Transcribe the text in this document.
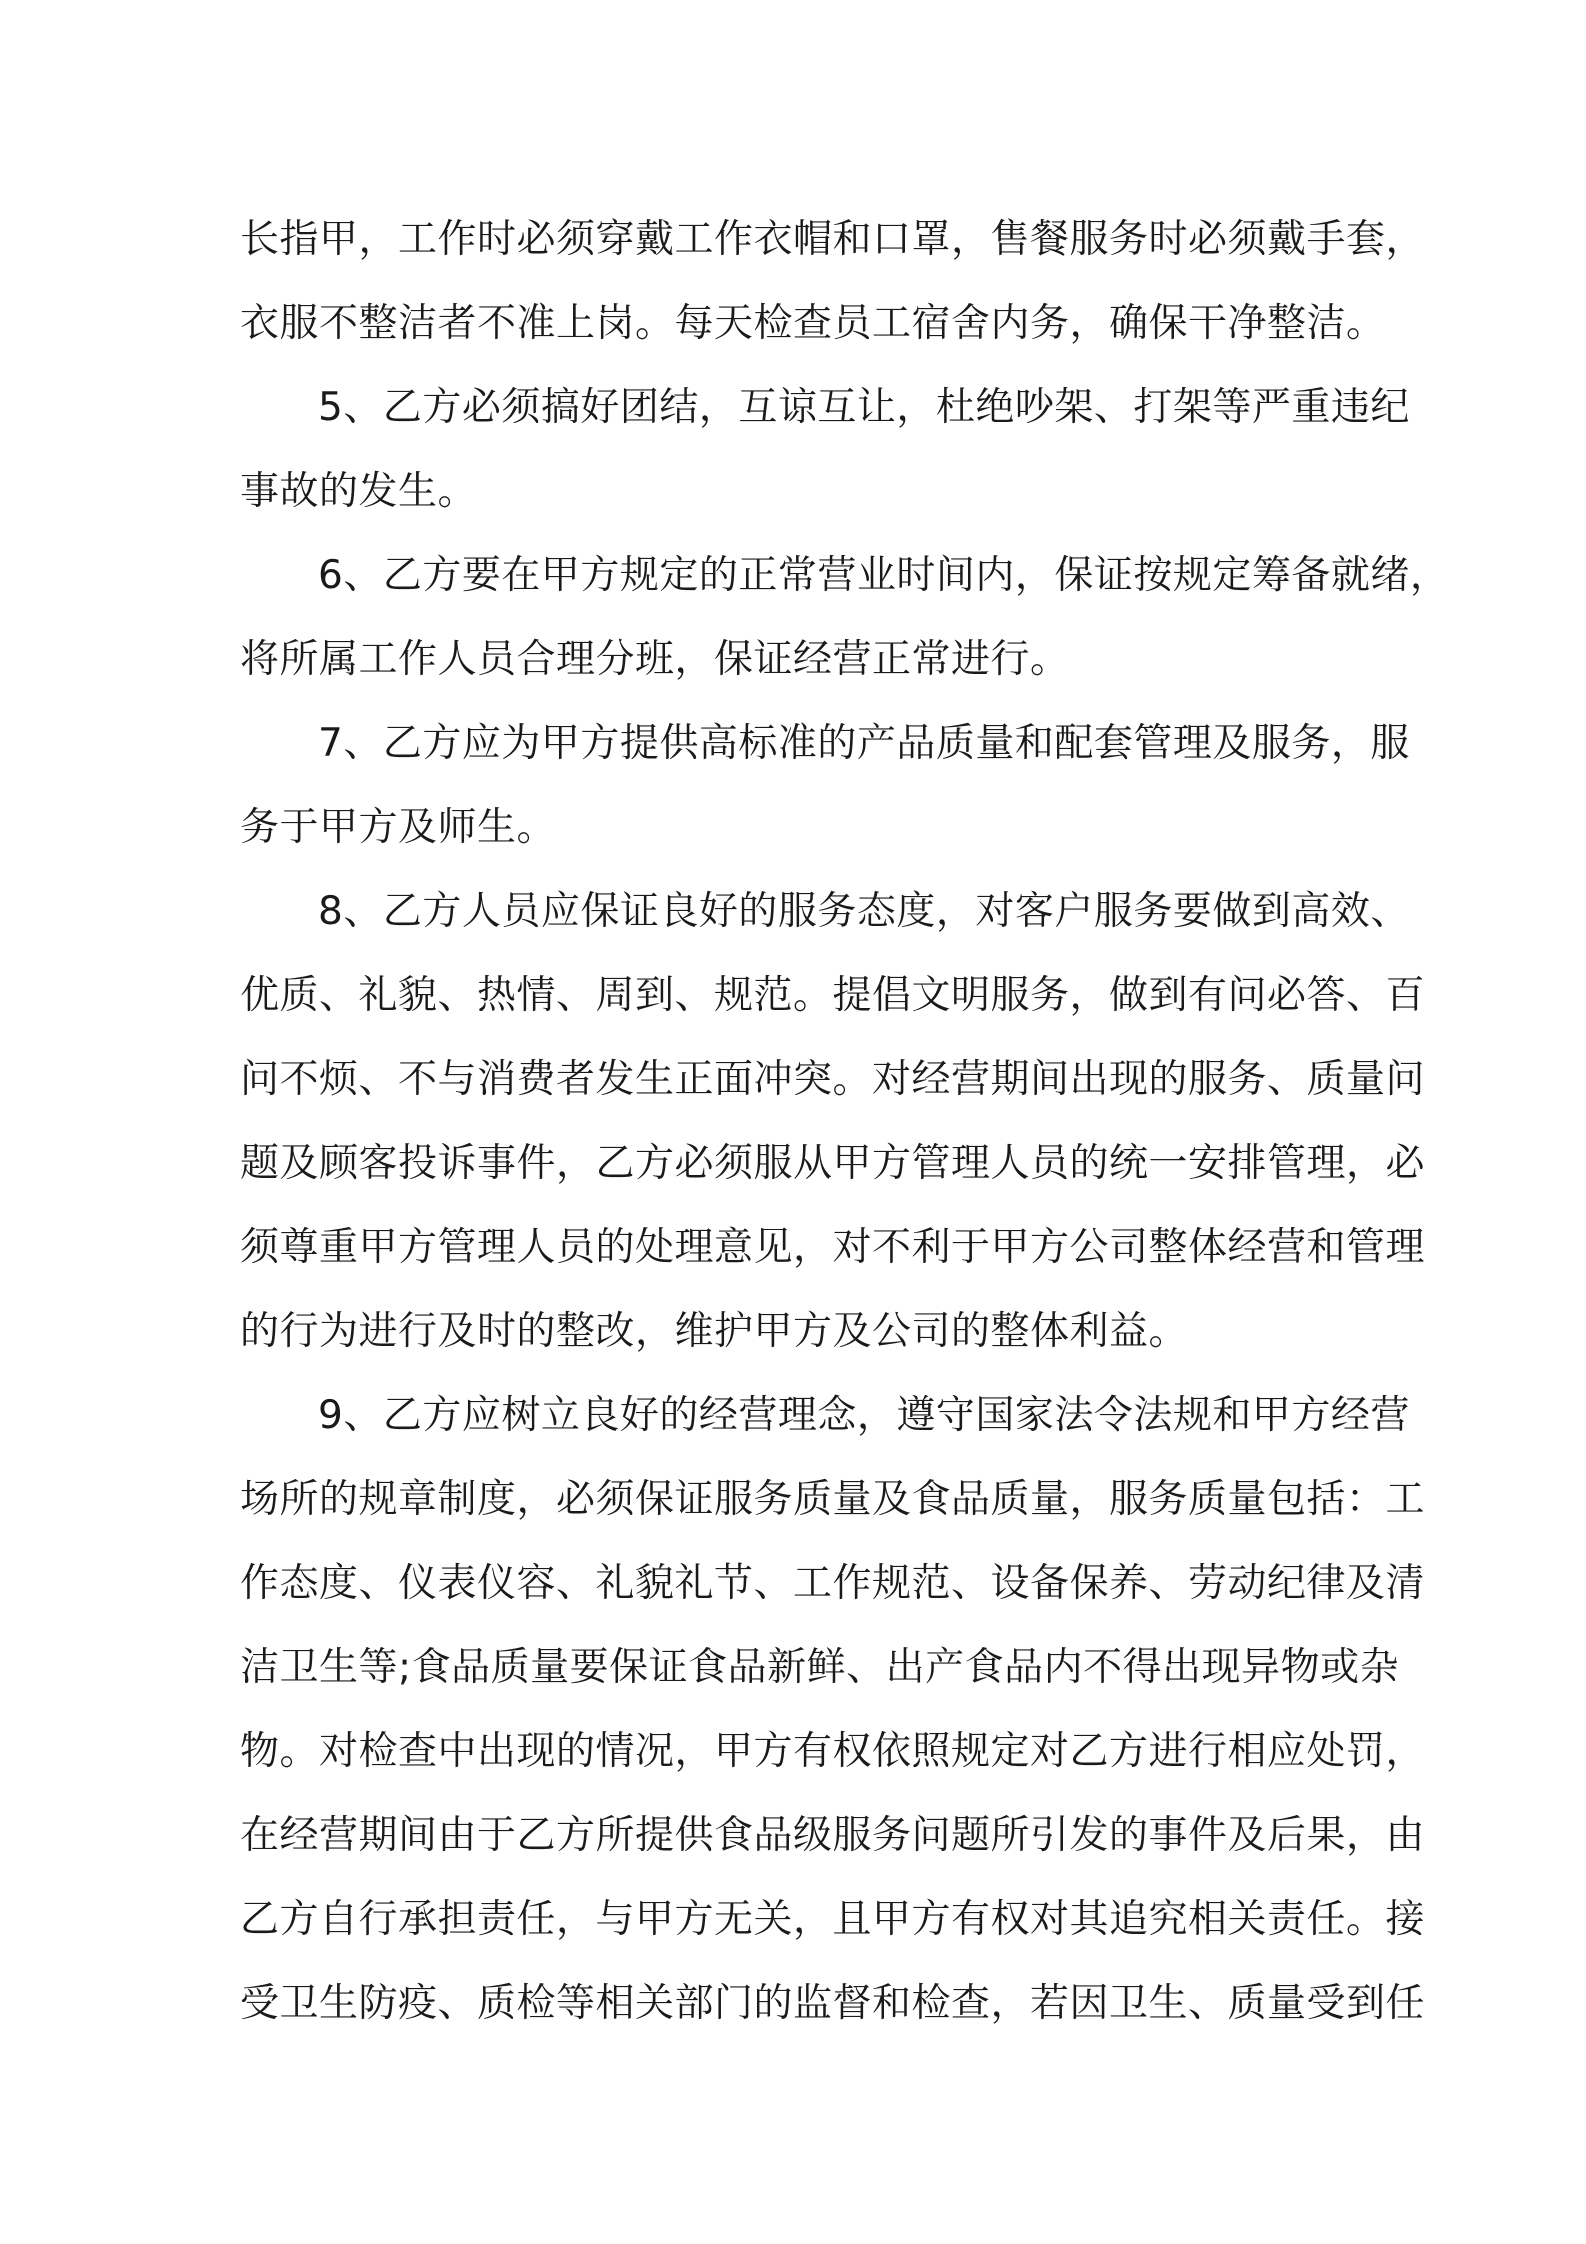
长指甲，工作时必须穿戴工作衣帽和口罩，售餐服务时必须戴手套，
衣服不整洁者不准上岗。每天检查员工宿舍内务，确保干净整洁。
5、乙方必须搞好团结，互谅互让，杜绝吵架、打架等严重违纪
事故的发生。
6、乙方要在甲方规定的正常营业时间内，保证按规定筹备就绪，
将所属工作人员合理分班，保证经营正常进行。
7、乙方应为甲方提供高标准的产品质量和配套管理及服务，服
务于甲方及师生。
8、乙方人员应保证良好的服务态度，对客户服务要做到高效、
优质、礼貌、热情、周到、规范。提倡文明服务，做到有问必答、百
问不烦、不与消费者发生正面冲突。对经营期间出现的服务、质量问
题及顾客投诉事件，乙方必须服从甲方管理人员的统一安排管理，必
须尊重甲方管理人员的处理意见，对不利于甲方公司整体经营和管理
的行为进行及时的整改，维护甲方及公司的整体利益。
9、乙方应树立良好的经营理念，遵守国家法令法规和甲方经营
场所的规章制度，必须保证服务质量及食品质量，服务质量包括：工
作态度、仪表仪容、礼貌礼节、工作规范、设备保养、劳动纪律及清
洁卫生等;食品质量要保证食品新鲜、出产食品内不得出现异物或杂
物。对检查中出现的情况，甲方有权依照规定对乙方进行相应处罚，
在经营期间由于乙方所提供食品级服务问题所引发的事件及后果，由
乙方自行承担责任，与甲方无关，且甲方有权对其追究相关责任。接
受卫生防疫、质检等相关部门的监督和检查，若因卫生、质量受到任
